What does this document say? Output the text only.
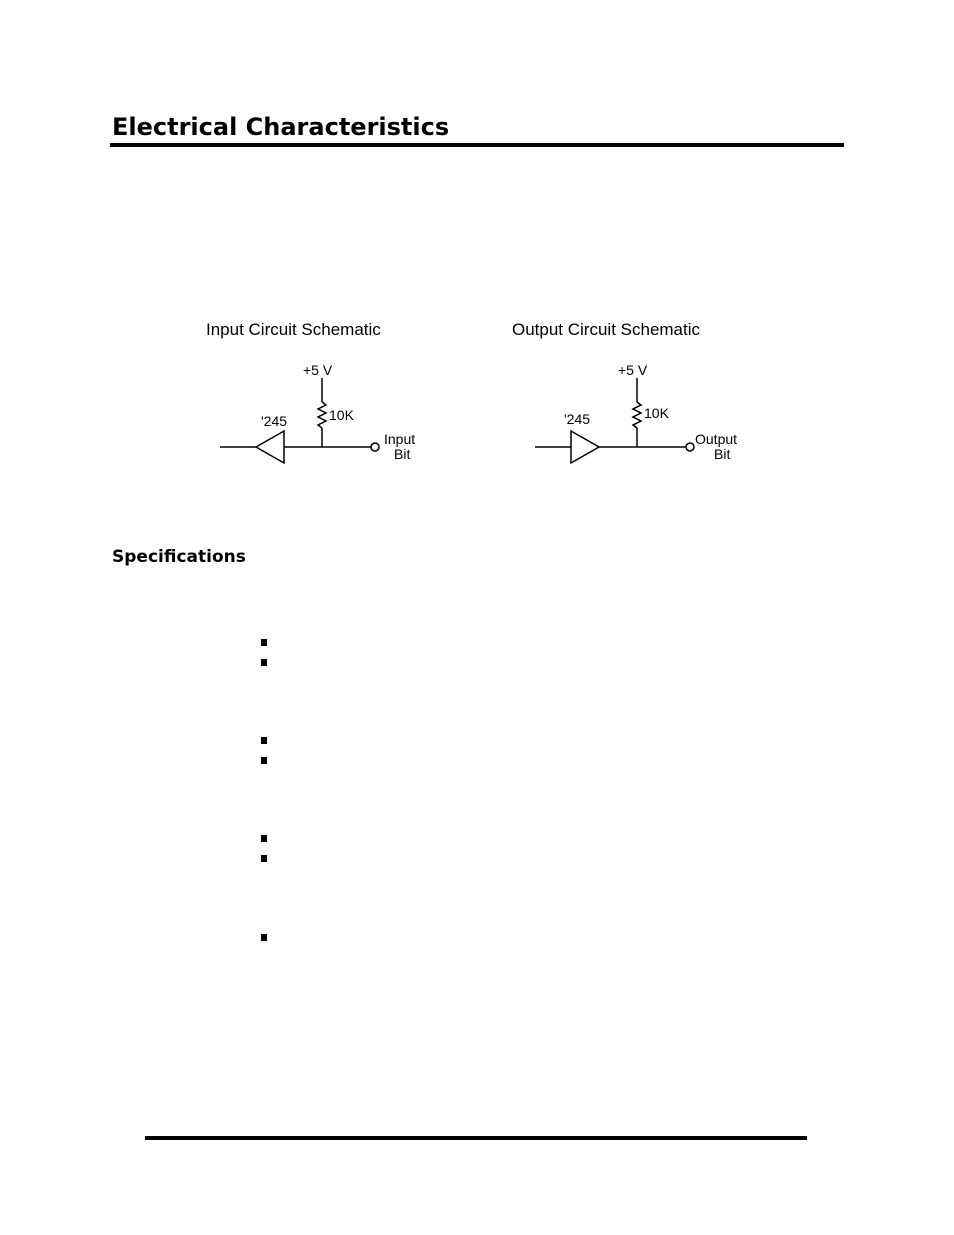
Electrical Characteristics
Input Circuit Schematic
+5 V
10K
'245
Input
Bit
Output Circuit Schematic
+5 V
10K
'245
Output
Bit
Specifications
